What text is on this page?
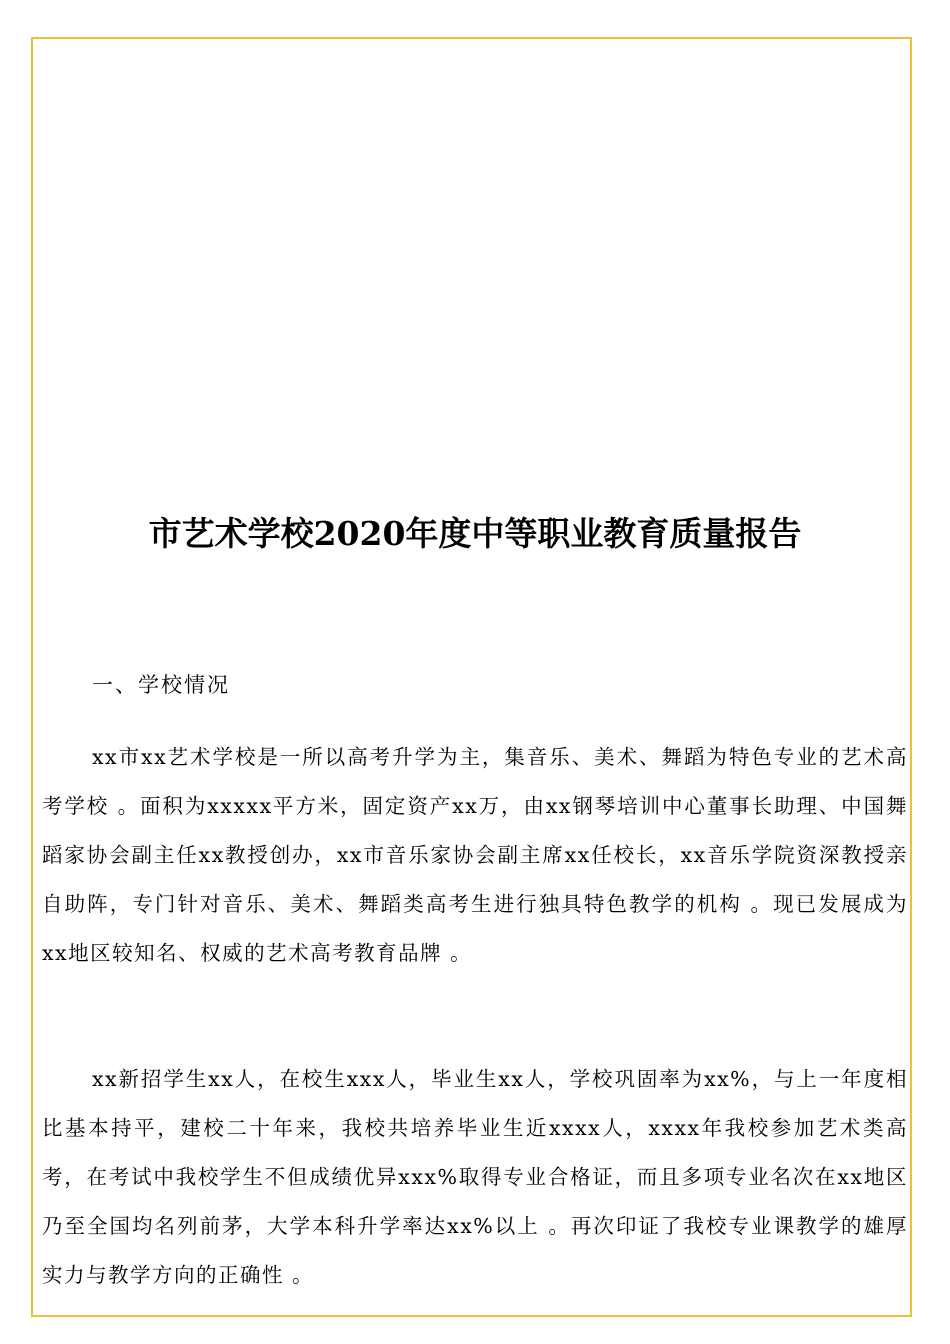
市艺术学校2020年度中等职业教育质量报告

一、学校情况

xx市xx艺术学校是一所以高考升学为主，集音乐、美术、舞蹈为特色专业的艺术高考学校 。面积为xxxxx平方米，固定资产xx万，由xx钢琴培训中心董事长助理、中国舞蹈家协会副主任xx教授创办，xx市音乐家协会副主席xx任校长，xx音乐学院资深教授亲自助阵，专门针对音乐、美术、舞蹈类高考生进行独具特色教学的机构 。现已发展成为xx地区较知名、权威的艺术高考教育品牌 。

xx新招学生xx人，在校生xxx人，毕业生xx人，学校巩固率为xx%，与上一年度相比基本持平，建校二十年来，我校共培养毕业生近xxxx人，xxxx年我校参加艺术类高考，在考试中我校学生不但成绩优异xxx%取得专业合格证，而且多项专业名次在xx地区乃至全国均名列前茅，大学本科升学率达xx%以上 。再次印证了我校专业课教学的雄厚实力与教学方向的正确性 。
